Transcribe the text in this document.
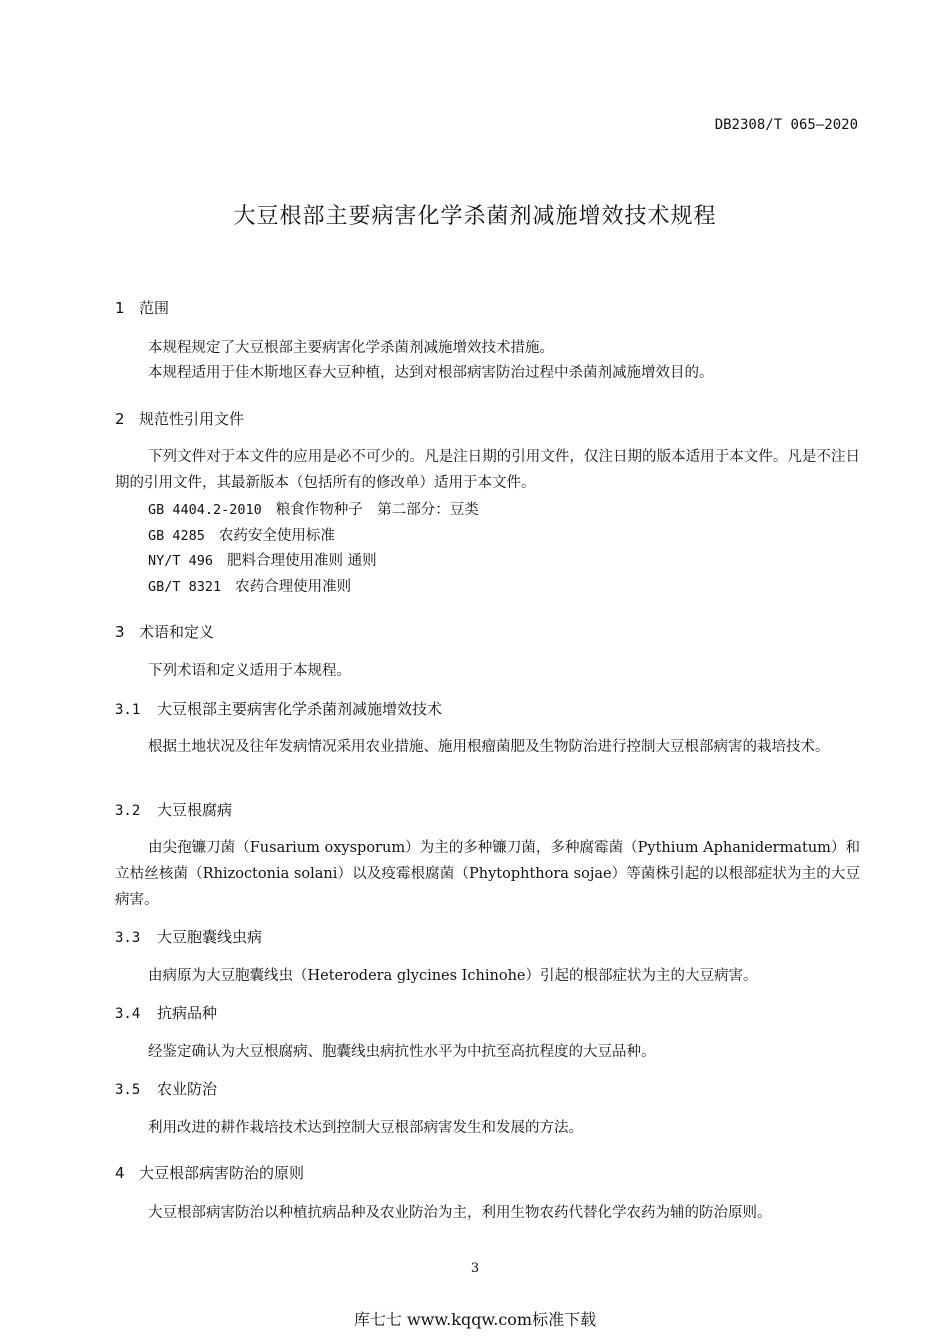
DB2308/T 065—2020
大豆根部主要病害化学杀菌剂减施增效技术规程
1 范围
本规程规定了大豆根部主要病害化学杀菌剂减施增效技术措施。
本规程适用于佳木斯地区春大豆种植，达到对根部病害防治过程中杀菌剂减施增效目的。
2 规范性引用文件
下列文件对于本文件的应用是必不可少的。凡是注日期的引用文件，仅注日期的版本适用于本文件。凡是不注日期的引用文件，其最新版本（包括所有的修改单）适用于本文件。
GB 4404.2-2010 粮食作物种子　第二部分：豆类
GB 4285 农药安全使用标准
NY/T 496 肥料合理使用准则 通则
GB/T 8321 农药合理使用准则
3 术语和定义
下列术语和定义适用于本规程。
3.1 大豆根部主要病害化学杀菌剂减施增效技术
根据土地状况及往年发病情况采用农业措施、施用根瘤菌肥及生物防治进行控制大豆根部病害的栽培技术。
3.2 大豆根腐病
由尖孢镰刀菌（Fusarium oxysporum）为主的多种镰刀菌，多种腐霉菌（Pythium Aphanidermatum）和立枯丝核菌（Rhizoctonia solani）以及疫霉根腐菌（Phytophthora sojae）等菌株引起的以根部症状为主的大豆病害。
3.3 大豆胞囊线虫病
由病原为大豆胞囊线虫（Heterodera glycines Ichinohe）引起的根部症状为主的大豆病害。
3.4 抗病品种
经鉴定确认为大豆根腐病、胞囊线虫病抗性水平为中抗至高抗程度的大豆品种。
3.5 农业防治
利用改进的耕作栽培技术达到控制大豆根部病害发生和发展的方法。
4 大豆根部病害防治的原则
大豆根部病害防治以种植抗病品种及农业防治为主，利用生物农药代替化学农药为辅的防治原则。
3
库七七 www.kqqw.com标准下载
